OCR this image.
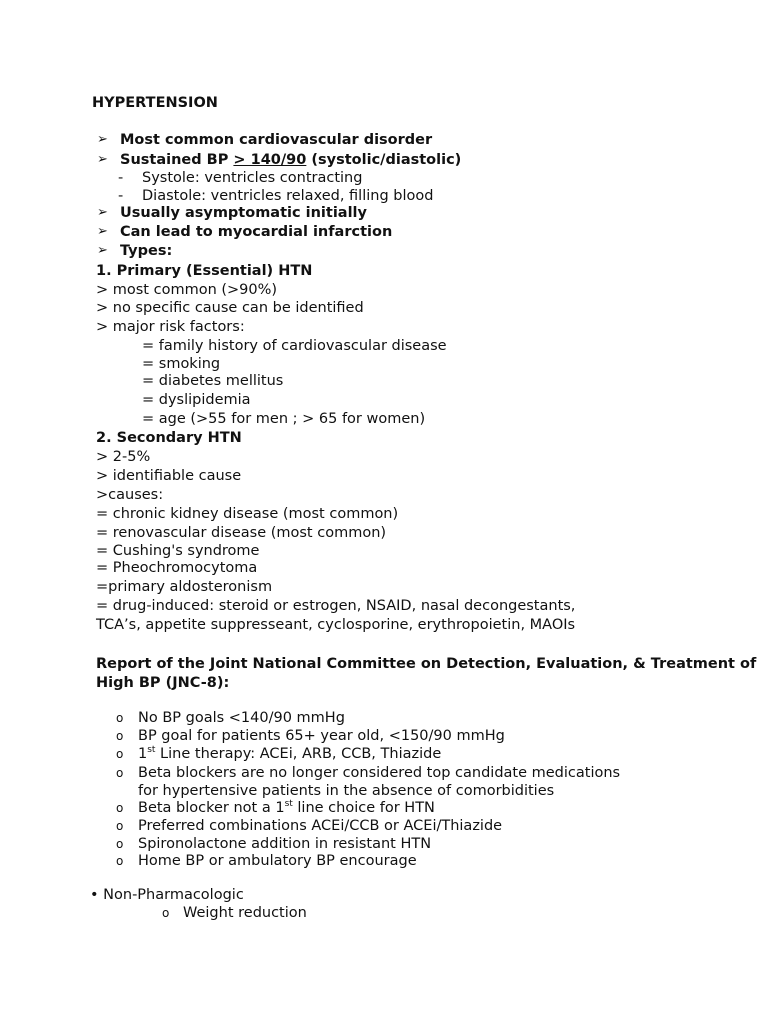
HYPERTENSION
➢ Most common cardiovascular disorder
➢ Sustained BP > 140/90 (systolic/diastolic)
- Systole: ventricles contracting
- Diastole: ventricles relaxed, filling blood
➢ Usually asymptomatic initially
➢ Can lead to myocardial infarction
➢ Types:
1. Primary (Essential) HTN
> most common (>90%)
> no specific cause can be identified
> major risk factors:
= family history of cardiovascular disease
= smoking
= diabetes mellitus
= dyslipidemia
= age (>55 for men ; > 65 for women)
2. Secondary HTN
> 2-5%
> identifiable cause
>causes:
= chronic kidney disease (most common)
= renovascular disease (most common)
= Cushing's syndrome
= Pheochromocytoma
=primary aldosteronism
= drug-induced: steroid or estrogen, NSAID, nasal decongestants,
TCA’s, appetite suppresseant, cyclosporine, erythropoietin, MAOIs
Report of the Joint National Committee on Detection, Evaluation, & Treatment of
High BP (JNC-8):
o No BP goals <140/90 mmHg
o BP goal for patients 65+ year old, <150/90 mmHg
o 1st Line therapy: ACEi, ARB, CCB, Thiazide
o Beta blockers are no longer considered top candidate medications
for hypertensive patients in the absence of comorbidities
o Beta blocker not a 1st line choice for HTN
o Preferred combinations ACEi/CCB or ACEi/Thiazide
o Spironolactone addition in resistant HTN
o Home BP or ambulatory BP encourage
• Non-Pharmacologic
o Weight reduction
